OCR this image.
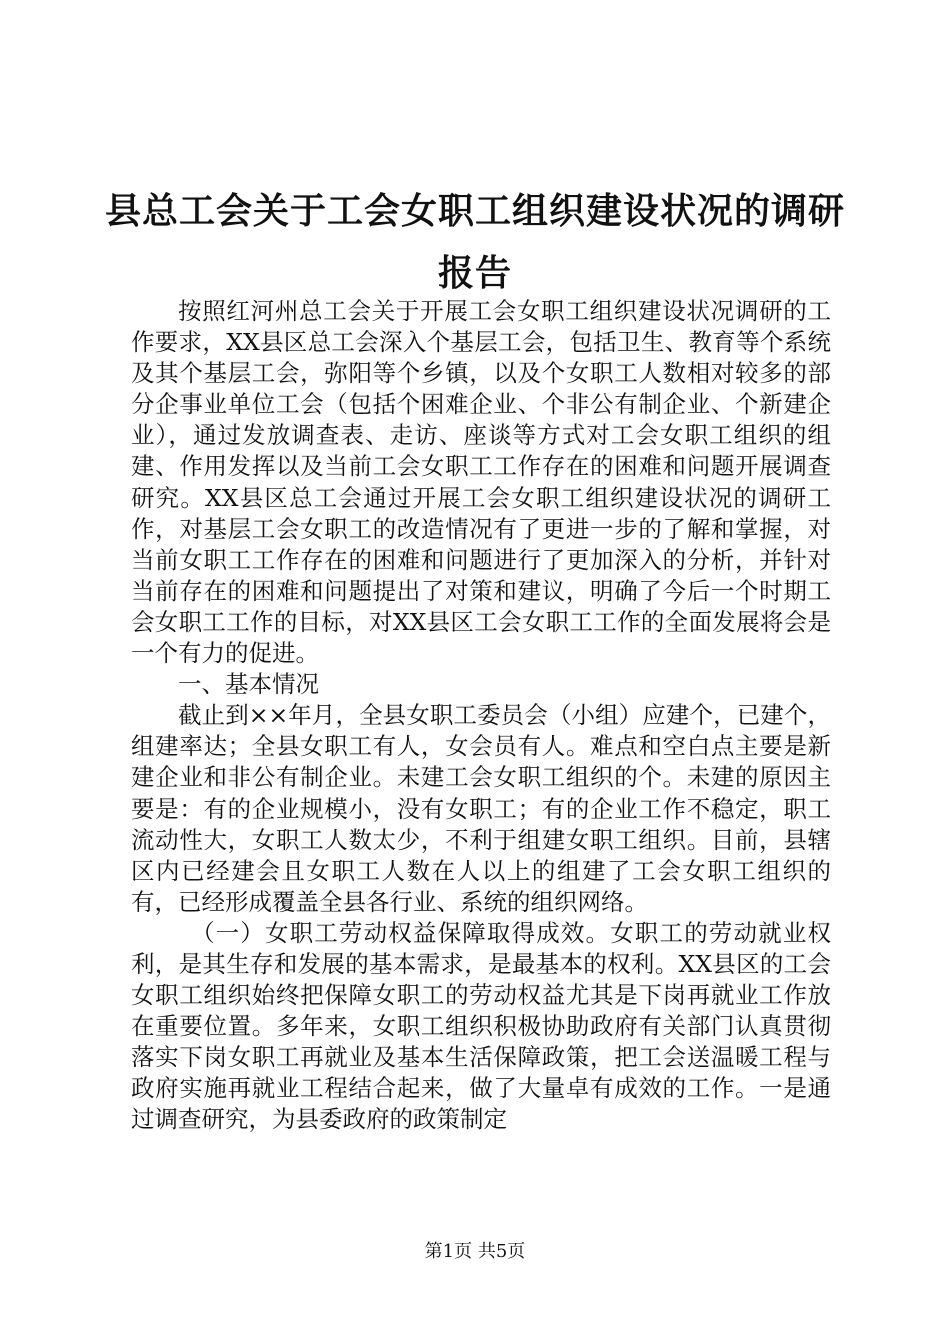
县总工会关于工会女职工组织建设状况的调研
报告

按照红河州总工会关于开展工会女职工组织建设状况调研的工作要求，XX县区总工会深入个基层工会，包括卫生、教育等个系统及其个基层工会，弥阳等个乡镇，以及个女职工人数相对较多的部分企事业单位工会（包括个困难企业、个非公有制企业、个新建企业），通过发放调查表、走访、座谈等方式对工会女职工组织的组建、作用发挥以及当前工会女职工工作存在的困难和问题开展调查研究。XX县区总工会通过开展工会女职工组织建设状况的调研工作，对基层工会女职工的改造情况有了更进一步的了解和掌握，对当前女职工工作存在的困难和问题进行了更加深入的分析，并针对当前存在的困难和问题提出了对策和建议，明确了今后一个时期工会女职工工作的目标，对XX县区工会女职工工作的全面发展将会是一个有力的促进。

一、基本情况

截止到××年月，全县女职工委员会（小组）应建个，已建个，组建率达；全县女职工有人，女会员有人。难点和空白点主要是新建企业和非公有制企业。未建工会女职工组织的个。未建的原因主要是：有的企业规模小，没有女职工；有的企业工作不稳定，职工流动性大，女职工人数太少，不利于组建女职工组织。目前，县辖区内已经建会且女职工人数在人以上的组建了工会女职工组织的有，已经形成覆盖全县各行业、系统的组织网络。

（一）女职工劳动权益保障取得成效。女职工的劳动就业权利，是其生存和发展的基本需求，是最基本的权利。XX县区的工会女职工组织始终把保障女职工的劳动权益尤其是下岗再就业工作放在重要位置。多年来，女职工组织积极协助政府有关部门认真贯彻落实下岗女职工再就业及基本生活保障政策，把工会送温暖工程与政府实施再就业工程结合起来，做了大量卓有成效的工作。一是通过调查研究，为县委政府的政策制定

第1页 共5页
